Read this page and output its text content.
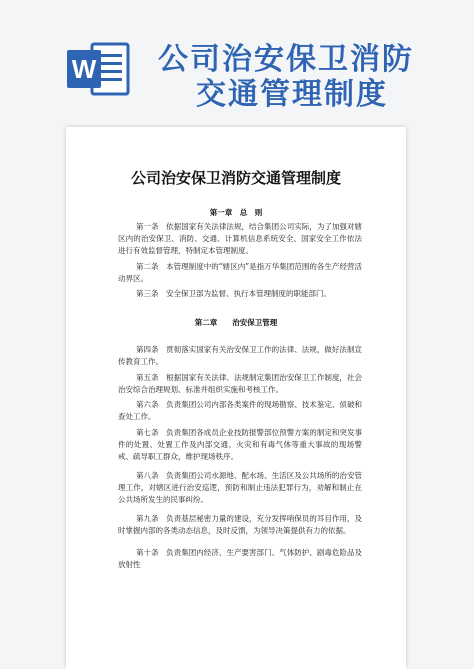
W 公司治安保卫消防
交通管理制度
公司治安保卫消防交通管理制度
第一章　总　则

第一条　依据国家有关法律法规，结合集团公司实际，为了加强对辖区内的治安保卫、消防、交通、计算机信息系统安全、国家安全工作依法进行有效监督管理，特制定本管理制度。

第二条　本管理制度中的“辖区内”是指万华集团范围的各生产经营活动界区。

第三条　安全保卫部为监督、执行本管理制度的职能部门。

第二章　　治安保卫管理

第四条　贯彻落实国家有关治安保卫工作的法律、法规，做好法制宣传教育工作。

第五条　根据国家有关法律、法规制定集团治安保卫工作制度，社会治安综合治理规划、标准并组织实施和考核工作。

第六条　负责集团公司内部各类案件的现场勘察、技术鉴定、侦破和查处工作。

第七条　负责集团各成员企业技防报警部位预警方案的制定和突发事件的处置、处置工作及内部交通、火灾和有毒气体等重大事故的现场警戒、疏导职工群众，维护现场秩序。

第八条　负责集团公司水源地、配水场、生活区及公共场所的治安管理工作，对辖区进行治安巡逻，预防和制止违法犯罪行为，劝解和制止在公共场所发生的民事纠纷。

第九条　负责基层秘密力量的建设，充分发挥哨保员的耳目作用，及时掌握内部的各类动态信息，及时反馈，为领导决策提供有力的依据。

第十条　负责集团内经济、生产要害部门、气体防护、剧毒危险品及放射性
